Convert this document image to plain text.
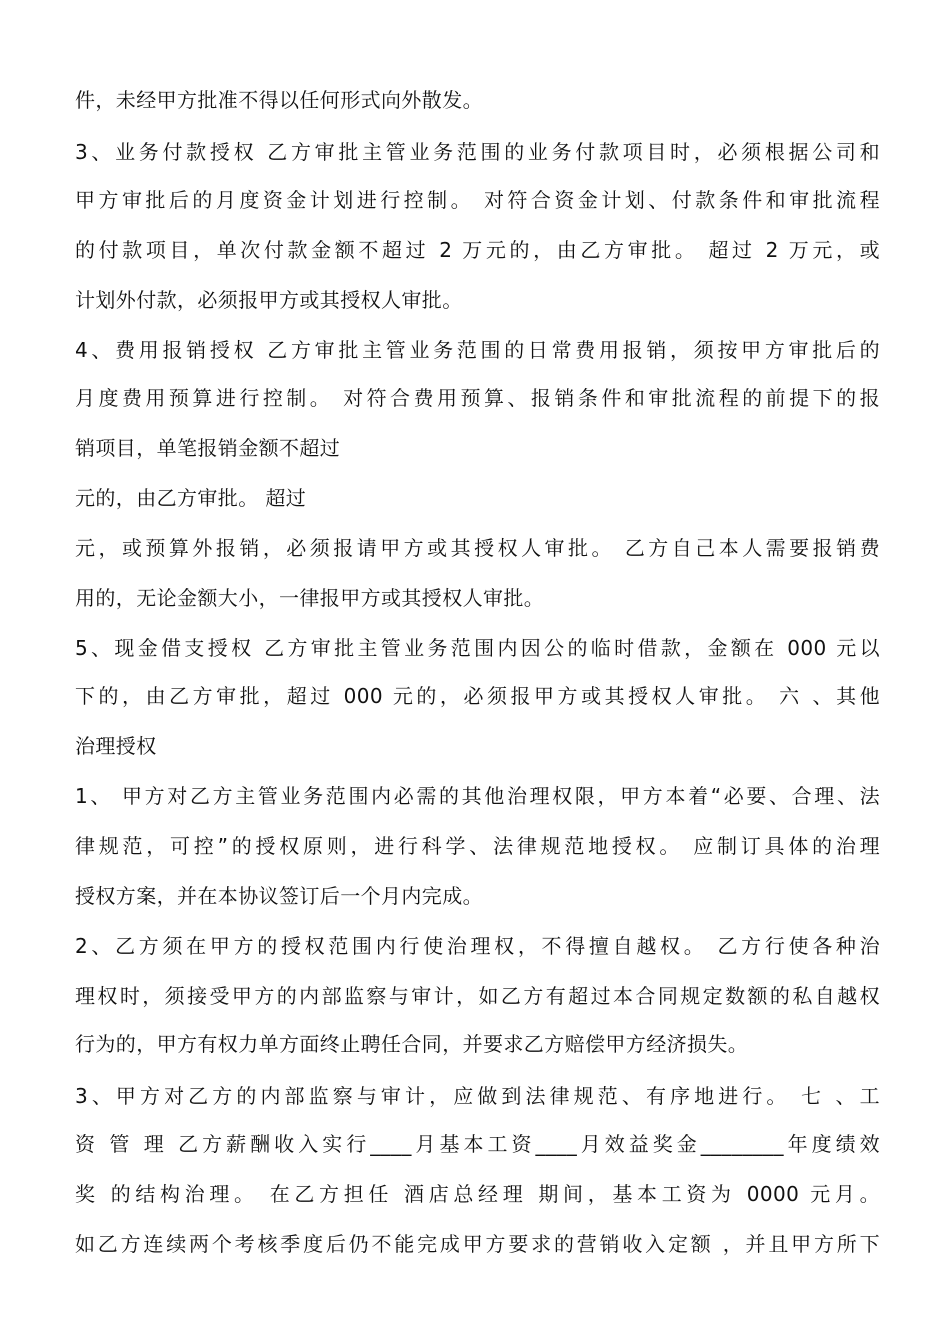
件，未经甲方批准不得以任何形式向外散发。
3、业务付款授权 乙方审批主管业务范围的业务付款项目时，必须根据公司和
甲方审批后的月度资金计划进行控制。 对符合资金计划、付款条件和审批流程
的付款项目，单次付款金额不超过 2 万元的，由乙方审批。 超过 2 万元，或
计划外付款，必须报甲方或其授权人审批。
4、费用报销授权 乙方审批主管业务范围的日常费用报销，须按甲方审批后的
月度费用预算进行控制。 对符合费用预算、报销条件和审批流程的前提下的报
销项目，单笔报销金额不超过
元的，由乙方审批。 超过
元，或预算外报销，必须报请甲方或其授权人审批。 乙方自己本人需要报销费
用的，无论金额大小，一律报甲方或其授权人审批。
5、现金借支授权 乙方审批主管业务范围内因公的临时借款，金额在 000 元以
下的，由乙方审批，超过 000 元的，必须报甲方或其授权人审批。 六 、其他
治理授权
1、 甲方对乙方主管业务范围内必需的其他治理权限，甲方本着“必要、合理、法
律规范，可控”的授权原则，进行科学、法律规范地授权。 应制订具体的治理
授权方案，并在本协议签订后一个月内完成。
2、乙方须在甲方的授权范围内行使治理权，不得擅自越权。 乙方行使各种治
理权时，须接受甲方的内部监察与审计，如乙方有超过本合同规定数额的私自越权
行为的，甲方有权力单方面终止聘任合同，并要求乙方赔偿甲方经济损失。
3、甲方对乙方的内部监察与审计，应做到法律规范、有序地进行。 七 、工
资 管 理 乙方薪酬收入实行____月基本工资____月效益奖金________年度绩效
奖 的结构治理。 在乙方担任 酒店总经理 期间，基本工资为 0000 元月。
如乙方连续两个考核季度后仍不能完成甲方要求的营销收入定额 ，并且甲方所下
